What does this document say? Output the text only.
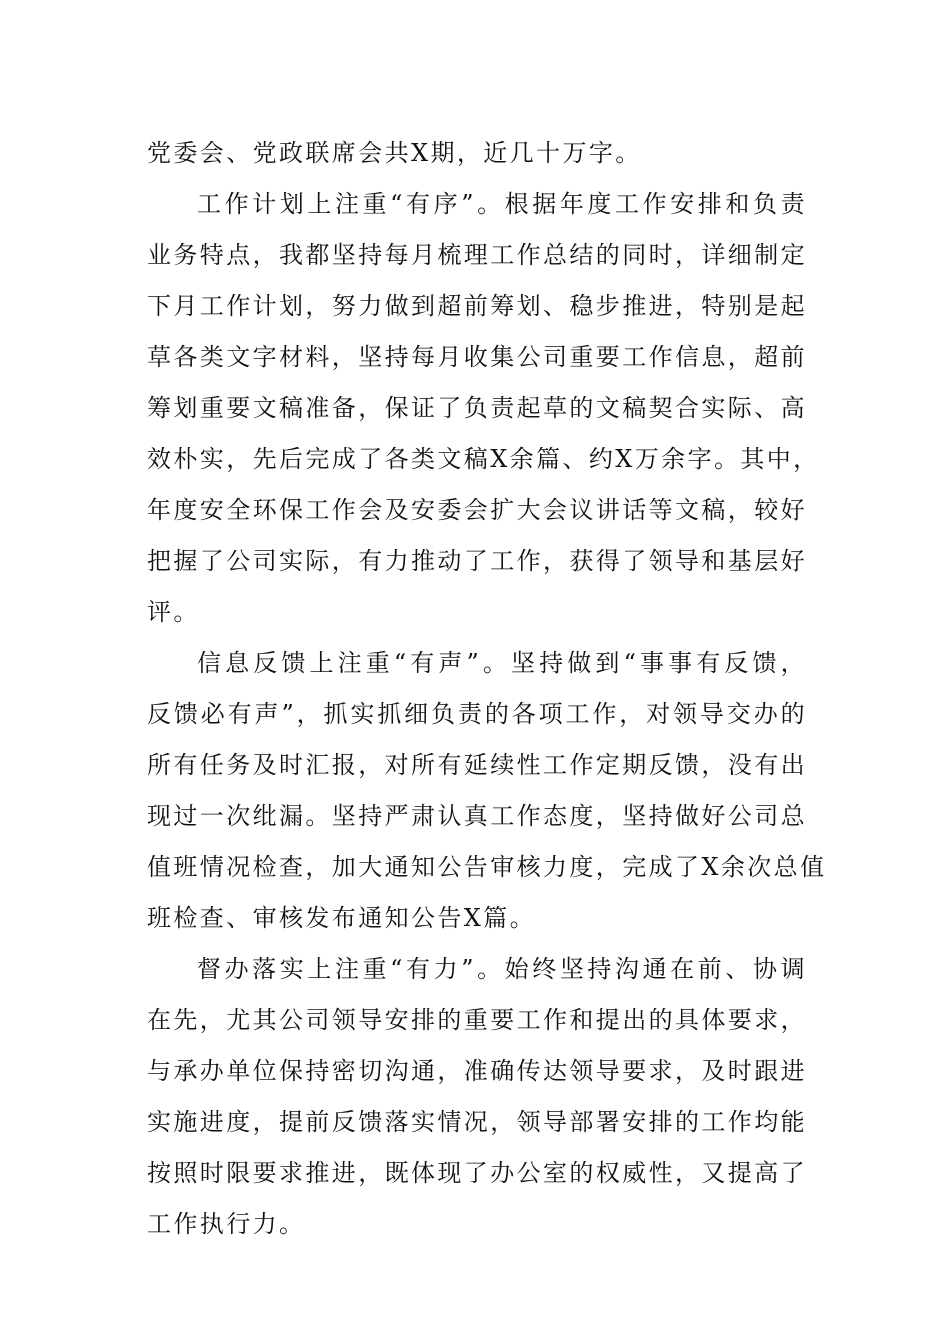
党委会、党政联席会共X期，近几十万字。
工作计划上注重“有序”。根据年度工作安排和负责
业务特点，我都坚持每月梳理工作总结的同时，详细制定
下月工作计划，努力做到超前筹划、稳步推进，特别是起
草各类文字材料，坚持每月收集公司重要工作信息，超前
筹划重要文稿准备，保证了负责起草的文稿契合实际、高
效朴实，先后完成了各类文稿X余篇、约X万余字。其中，
年度安全环保工作会及安委会扩大会议讲话等文稿，较好
把握了公司实际，有力推动了工作，获得了领导和基层好
评。
信息反馈上注重“有声”。坚持做到“事事有反馈，
反馈必有声”，抓实抓细负责的各项工作，对领导交办的
所有任务及时汇报，对所有延续性工作定期反馈，没有出
现过一次纰漏。坚持严肃认真工作态度，坚持做好公司总
值班情况检查，加大通知公告审核力度，完成了X余次总值
班检查、审核发布通知公告X篇。
督办落实上注重“有力”。始终坚持沟通在前、协调
在先，尤其公司领导安排的重要工作和提出的具体要求，
与承办单位保持密切沟通，准确传达领导要求，及时跟进
实施进度，提前反馈落实情况，领导部署安排的工作均能
按照时限要求推进，既体现了办公室的权威性，又提高了
工作执行力。
